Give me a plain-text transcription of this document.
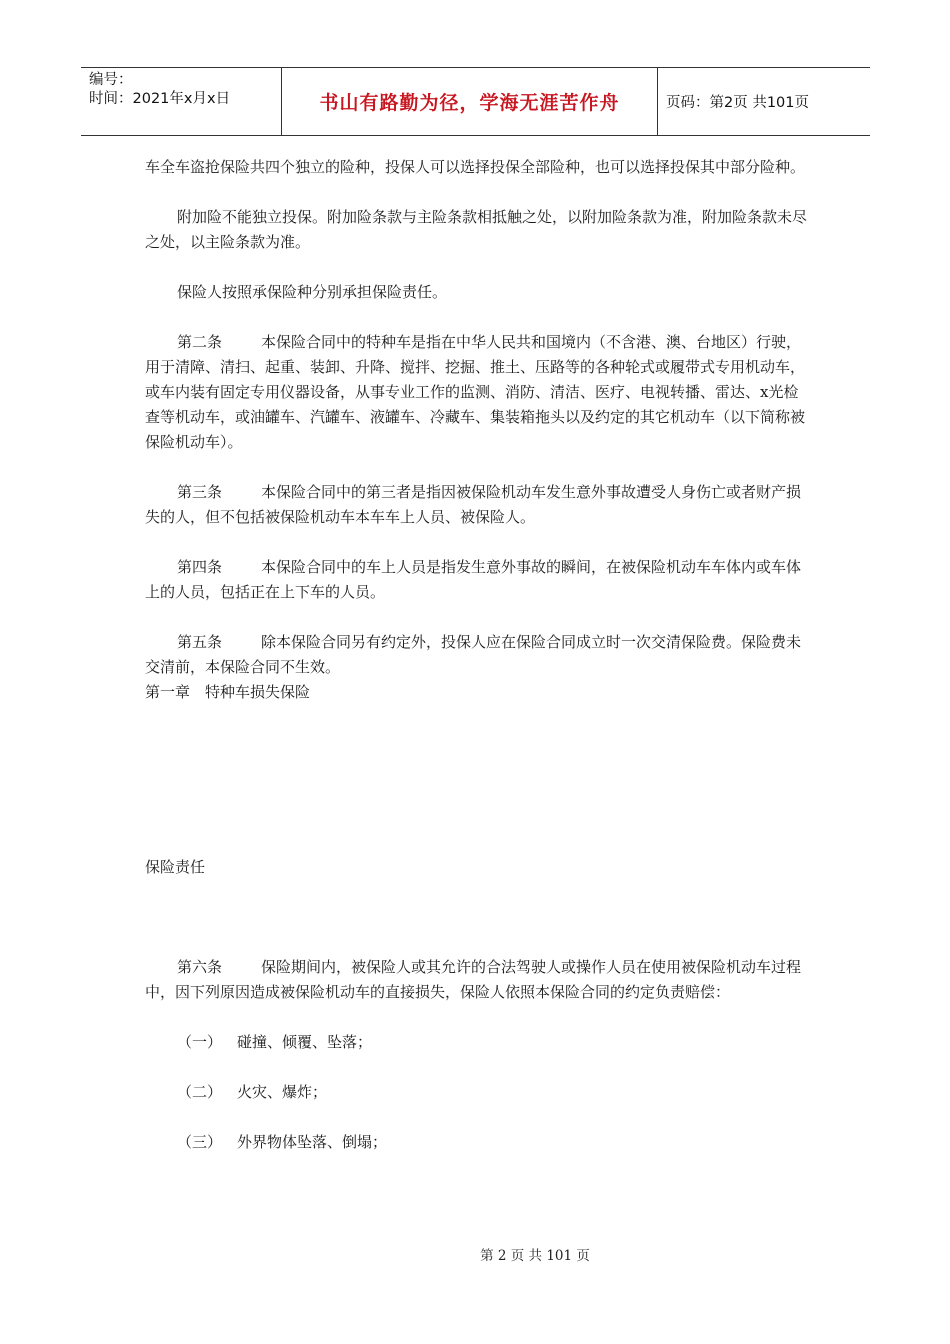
编号：
时间：2021年x月x日	书山有路勤为径，学海无涯苦作舟	页码：第2页 共101页

车全车盗抢保险共四个独立的险种，投保人可以选择投保全部险种，也可以选择投保其中部分险种。

附加险不能独立投保。附加险条款与主险条款相抵触之处，以附加险条款为准，附加险条款未尽之处，以主险条款为准。

保险人按照承保险种分别承担保险责任。

第二条	本保险合同中的特种车是指在中华人民共和国境内（不含港、澳、台地区）行驶，用于清障、清扫、起重、装卸、升降、搅拌、挖掘、推土、压路等的各种轮式或履带式专用机动车，或车内装有固定专用仪器设备，从事专业工作的监测、消防、清洁、医疗、电视转播、雷达、x光检查等机动车，或油罐车、汽罐车、液罐车、冷藏车、集装箱拖头以及约定的其它机动车（以下简称被保险机动车）。

第三条	本保险合同中的第三者是指因被保险机动车发生意外事故遭受人身伤亡或者财产损失的人，但不包括被保险机动车本车车上人员、被保险人。

第四条	本保险合同中的车上人员是指发生意外事故的瞬间，在被保险机动车车体内或车体上的人员，包括正在上下车的人员。

第五条	除本保险合同另有约定外，投保人应在保险合同成立时一次交清保险费。保险费未交清前，本保险合同不生效。

第一章　特种车损失保险

保险责任

第六条	保险期间内，被保险人或其允许的合法驾驶人或操作人员在使用被保险机动车过程中，因下列原因造成被保险机动车的直接损失，保险人依照本保险合同的约定负责赔偿：

（一） 碰撞、倾覆、坠落；

（二） 火灾、爆炸；

（三） 外界物体坠落、倒塌；

第 2 页 共 101 页
